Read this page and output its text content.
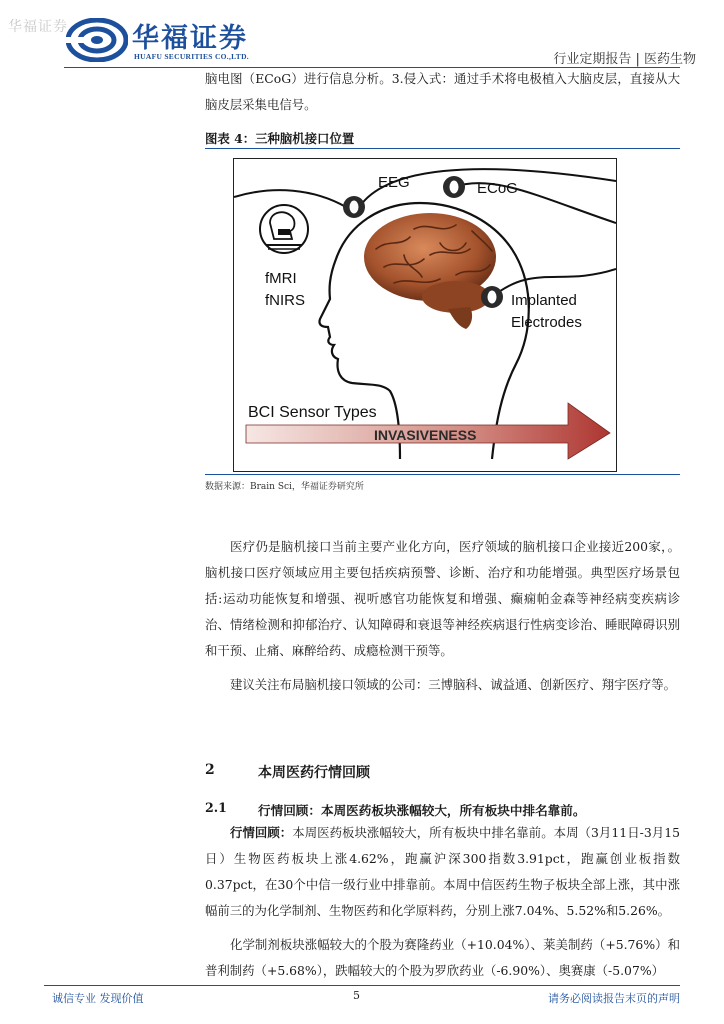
华福证券 华福证券
HUAFU SECURITIES CO.,LTD.	行业定期报告 | 医药生物

脑电图（ECoG）进行信息分析。3.侵入式：通过手术将电极植入大脑皮层，直接从大脑皮层采集电信号。

图表 4：三种脑机接口位置
EEG	ECoG
fMRI
fNIRS	Implanted
Electrodes
BCI Sensor Types
INVASIVENESS
数据来源：Brain Sci，华福证券研究所

医疗仍是脑机接口当前主要产业化方向，医疗领域的脑机接口企业接近200家，。脑机接口医疗领域应用主要包括疾病预警、诊断、治疗和功能增强。典型医疗场景包括:运动功能恢复和增强、视听感官功能恢复和增强、癫痫帕金森等神经病变疾病诊治、情绪检测和抑郁治疗、认知障碍和衰退等神经疾病退行性病变诊治、睡眠障碍识别和干预、止痛、麻醉给药、成瘾检测干预等。

建议关注布局脑机接口领域的公司：三博脑科、诚益通、创新医疗、翔宇医疗等。

2	本周医药行情回顾
2.1 行情回顾：本周医药板块涨幅较大，所有板块中排名靠前。

行情回顾：本周医药板块涨幅较大，所有板块中排名靠前。本周（3月11日-3月15日）生物医药板块上涨4.62%，跑赢沪深300指数3.91pct，跑赢创业板指数0.37pct，在30个中信一级行业中排靠前。本周中信医药生物子板块全部上涨，其中涨幅前三的为化学制剂、生物医药和化学原料药，分别上涨7.04%、5.52%和5.26%。

化学制剂板块涨幅较大的个股为赛隆药业（+10.04%）、莱美制药（+5.76%）和普利制药（+5.68%），跌幅较大的个股为罗欣药业（-6.90%）、奥赛康（-5.07%）

诚信专业 发现价值	5	请务必阅读报告末页的声明
